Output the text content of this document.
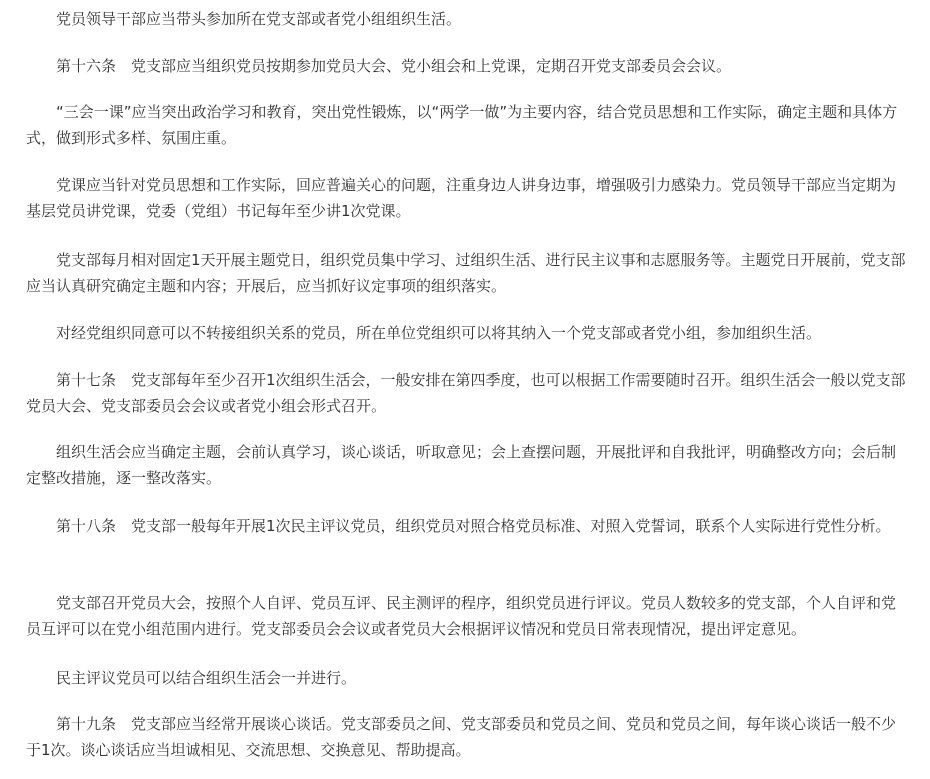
党员领导干部应当带头参加所在党支部或者党小组组织生活。

第十六条　党支部应当组织党员按期参加党员大会、党小组会和上党课，定期召开党支部委员会会议。

“三会一课”应当突出政治学习和教育，突出党性锻炼，以“两学一做”为主要内容，结合党员思想和工作实际，确定主题和具体方式，做到形式多样、氛围庄重。

党课应当针对党员思想和工作实际，回应普遍关心的问题，注重身边人讲身边事，增强吸引力感染力。党员领导干部应当定期为基层党员讲党课，党委（党组）书记每年至少讲1次党课。

党支部每月相对固定1天开展主题党日，组织党员集中学习、过组织生活、进行民主议事和志愿服务等。主题党日开展前，党支部应当认真研究确定主题和内容；开展后，应当抓好议定事项的组织落实。

对经党组织同意可以不转接组织关系的党员，所在单位党组织可以将其纳入一个党支部或者党小组，参加组织生活。

第十七条　党支部每年至少召开1次组织生活会，一般安排在第四季度，也可以根据工作需要随时召开。组织生活会一般以党支部党员大会、党支部委员会会议或者党小组会形式召开。

组织生活会应当确定主题，会前认真学习，谈心谈话，听取意见；会上查摆问题，开展批评和自我批评，明确整改方向；会后制定整改措施，逐一整改落实。

第十八条　党支部一般每年开展1次民主评议党员，组织党员对照合格党员标准、对照入党誓词，联系个人实际进行党性分析。

党支部召开党员大会，按照个人自评、党员互评、民主测评的程序，组织党员进行评议。党员人数较多的党支部，个人自评和党员互评可以在党小组范围内进行。党支部委员会会议或者党员大会根据评议情况和党员日常表现情况，提出评定意见。

民主评议党员可以结合组织生活会一并进行。

第十九条　党支部应当经常开展谈心谈话。党支部委员之间、党支部委员和党员之间、党员和党员之间，每年谈心谈话一般不少于1次。谈心谈话应当坦诚相见、交流思想、交换意见、帮助提高。
